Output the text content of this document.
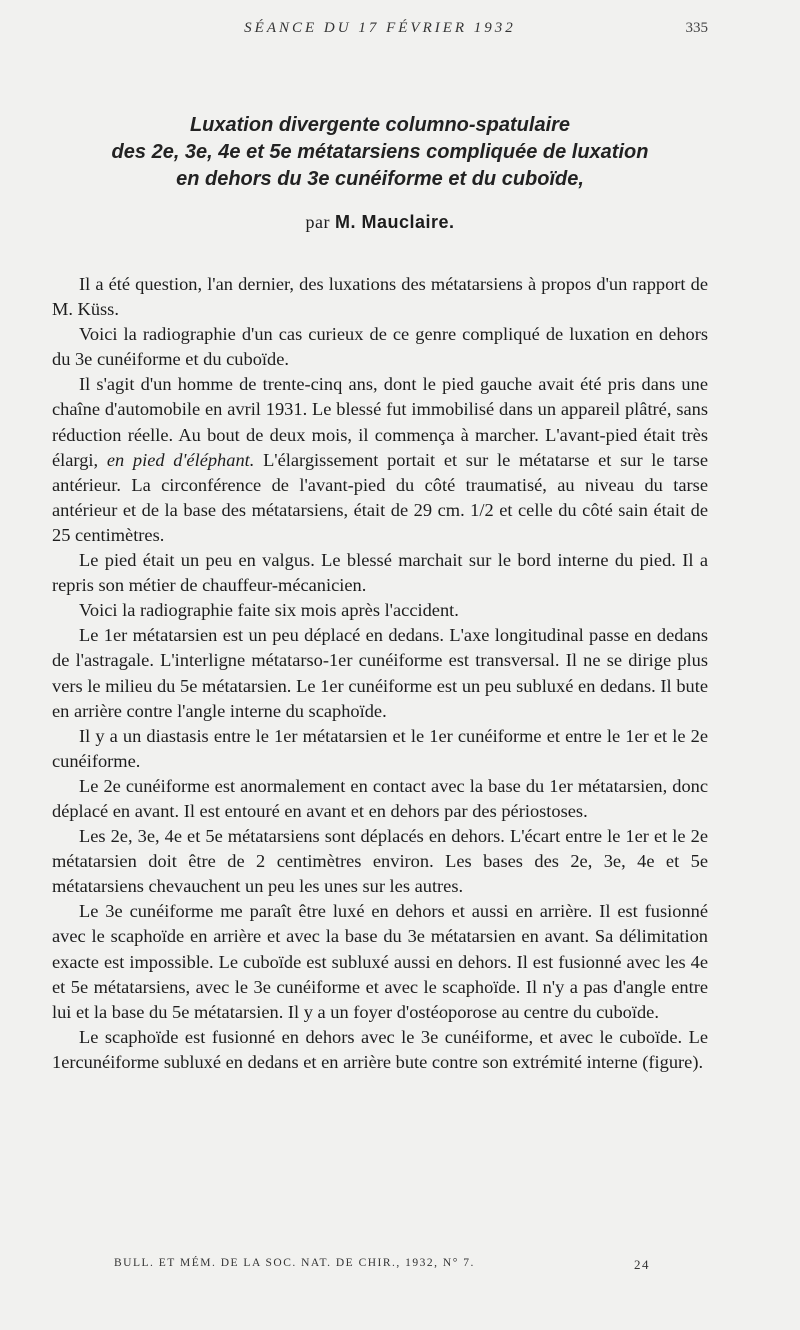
SÉANCE DU 17 FÉVRIER 1932	335
Luxation divergente columno-spatulaire
des 2e, 3e, 4e et 5e métatarsiens compliquée de luxation
en dehors du 3e cunéiforme et du cuboïde,
par M. Mauclaire.

Il a été question, l'an dernier, des luxations des métatarsiens à propos d'un rapport de M. Küss.

Voici la radiographie d'un cas curieux de ce genre compliqué de luxation en dehors du 3e cunéiforme et du cuboïde.

Il s'agit d'un homme de trente-cinq ans, dont le pied gauche avait été pris dans une chaîne d'automobile en avril 1931. Le blessé fut immobilisé dans un appareil plâtré, sans réduction réelle. Au bout de deux mois, il commença à marcher. L'avant-pied était très élargi, en pied d'éléphant. L'élargissement portait et sur le métatarse et sur le tarse antérieur. La circonférence de l'avant-pied du côté traumatisé, au niveau du tarse antérieur et de la base des métatarsiens, était de 29 cm. 1/2 et celle du côté sain était de 25 centimètres.

Le pied était un peu en valgus. Le blessé marchait sur le bord interne du pied. Il a repris son métier de chauffeur-mécanicien.

Voici la radiographie faite six mois après l'accident.

Le 1er métatarsien est un peu déplacé en dedans. L'axe longitudinal passe en dedans de l'astragale. L'interligne métatarso-1er cunéiforme est transversal. Il ne se dirige plus vers le milieu du 5e métatarsien. Le 1er cunéiforme est un peu subluxé en dedans. Il bute en arrière contre l'angle interne du scaphoïde.

Il y a un diastasis entre le 1er métatarsien et le 1er cunéiforme et entre le 1er et le 2e cunéiforme.

Le 2e cunéiforme est anormalement en contact avec la base du 1er métatarsien, donc déplacé en avant. Il est entouré en avant et en dehors par des périostoses.

Les 2e, 3e, 4e et 5e métatarsiens sont déplacés en dehors. L'écart entre le 1er et le 2e métatarsien doit être de 2 centimètres environ. Les bases des 2e, 3e, 4e et 5e métatarsiens chevauchent un peu les unes sur les autres.

Le 3e cunéiforme me paraît être luxé en dehors et aussi en arrière. Il est fusionné avec le scaphoïde en arrière et avec la base du 3e métatarsien en avant. Sa délimitation exacte est impossible. Le cuboïde est subluxé aussi en dehors. Il est fusionné avec les 4e et 5e métatarsiens, avec le 3e cunéiforme et avec le scaphoïde. Il n'y a pas d'angle entre lui et la base du 5e métatarsien. Il y a un foyer d'ostéoporose au centre du cuboïde.

Le scaphoïde est fusionné en dehors avec le 3e cunéiforme, et avec le cuboïde. Le 1ercunéiforme subluxé en dedans et en arrière bute contre son extrémité interne (figure).

BULL. ET MÉM. DE LA SOC. NAT. DE CHIR., 1932, N° 7.	24
